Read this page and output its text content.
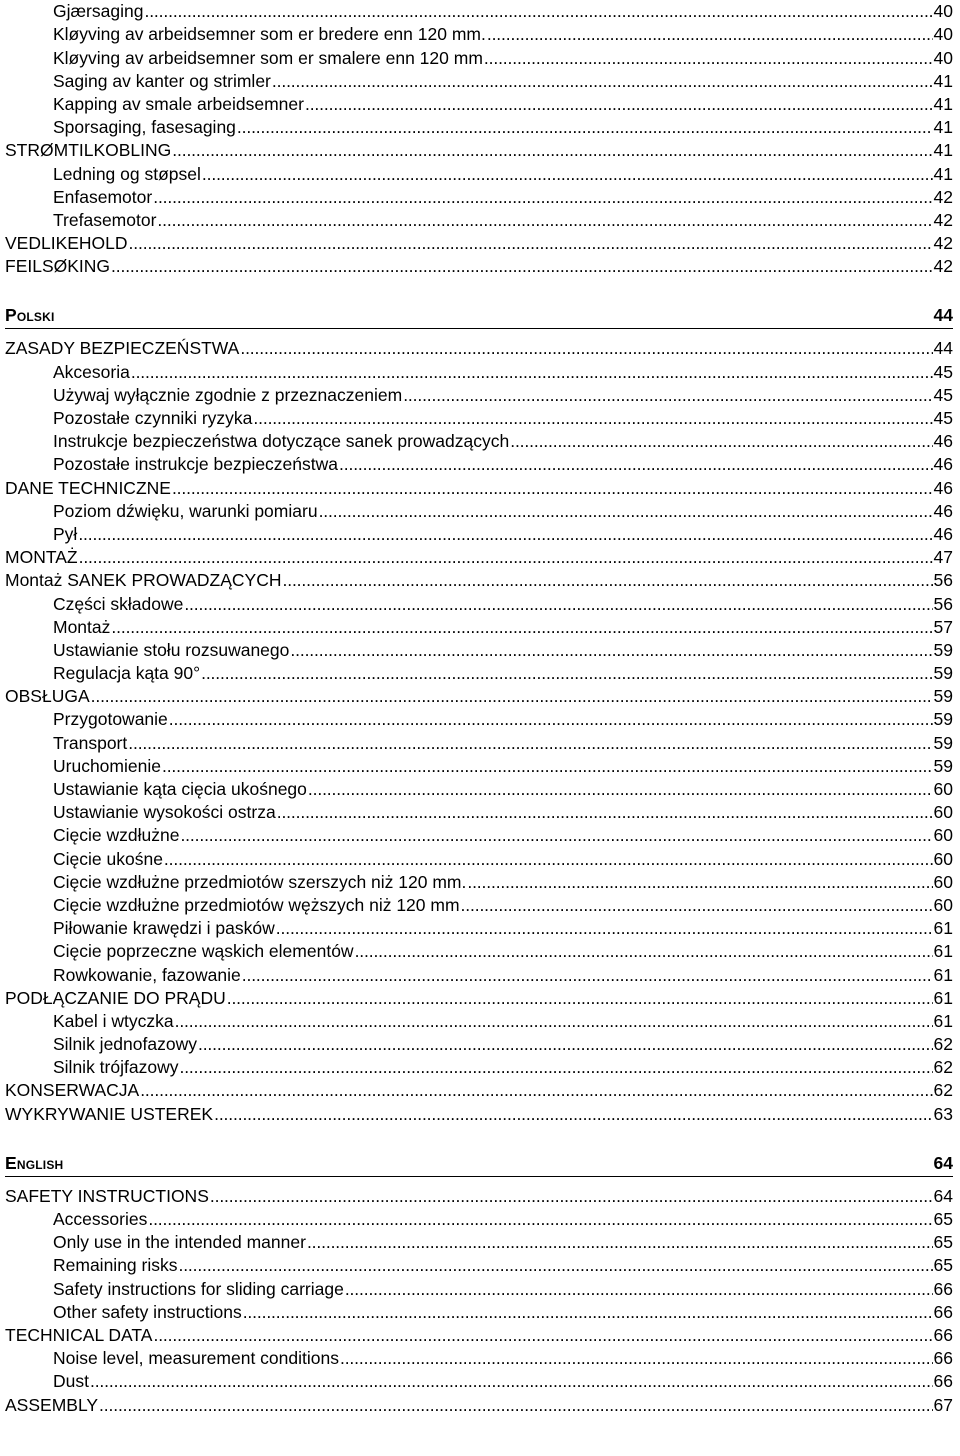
Gjærsaging . . .	40
Kløyving av arbeidsemner som er bredere enn 120 mm. . . .	40
Kløyving av arbeidsemner som er smalere enn 120 mm . . .	40
Saging av kanter og strimler . . .	41
Kapping av smale arbeidsemner . . .	41
Sporsaging, fasesaging . . .	41
STRØMTILKOBLING . . .	41
Ledning og støpsel . . .	41
Enfasemotor . . .	42
Trefasemotor . . .	42
VEDLIKEHOLD . . .	42
FEILSØKING . . .	42
Polski	44
ZASADY BEZPIECZEŃSTWA . . .	44
Akcesoria . . .	45
Używaj wyłącznie zgodnie z przeznaczeniem . . .	45
Pozostałe czynniki ryzyka . . .	45
Instrukcje bezpieczeństwa dotyczące sanek prowadzących . . .	46
Pozostałe instrukcje bezpieczeństwa . . .	46
DANE TECHNICZNE . . .	46
Poziom dźwięku, warunki pomiaru . . .	46
Pył . . .	46
MONTAŻ . . .	47
Montaż SANEK PROWADZĄCYCH . . .	56
Części składowe . . .	56
Montaż . . .	57
Ustawianie stołu rozsuwanego . . .	59
Regulacja kąta 90° . . .	59
OBSŁUGA . . .	59
Przygotowanie . . .	59
Transport . . .	59
Uruchomienie . . .	59
Ustawianie kąta cięcia ukośnego . . .	60
Ustawianie wysokości ostrza . . .	60
Cięcie wzdłużne . . .	60
Cięcie ukośne . . .	60
Cięcie wzdłużne przedmiotów szerszych niż 120 mm. . . .	60
Cięcie wzdłużne przedmiotów węższych niż 120 mm . . .	60
Piłowanie krawędzi i pasków . . .	61
Cięcie poprzeczne wąskich elementów . . .	61
Rowkowanie, fazowanie . . .	61
PODŁĄCZANIE DO PRĄDU . . .	61
Kabel i wtyczka . . .	61
Silnik jednofazowy . . .	62
Silnik trójfazowy . . .	62
KONSERWACJA . . .	62
WYKRYWANIE USTEREK . . .	63
English	64
SAFETY INSTRUCTIONS . . .	64
Accessories . . .	65
Only use in the intended manner . . .	65
Remaining risks . . .	65
Safety instructions for sliding carriage . . .	66
Other safety instructions . . .	66
TECHNICAL DATA . . .	66
Noise level, measurement conditions . . .	66
Dust . . .	66
ASSEMBLY . . .	67
